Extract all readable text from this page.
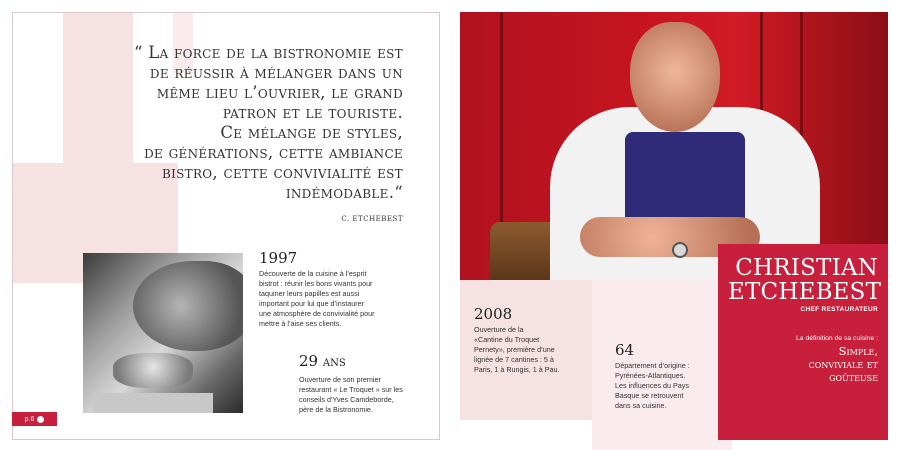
“ La force de la bistronomie est
de réussir à mélanger dans un
même lieu l’ouvrier, le grand
patron et le touriste.
Ce mélange de styles,
de générations, cette ambiance
bistro, cette convivialité est
indémodable.“
C. ETCHEBEST
1997
Découverte de la cuisine à l’esprit
bistrot : réunir les bons vivants pour
taquiner leurs papilles est aussi
important pour lui que d’instaurer
une atmosphère de convivialité pour
mettre à l’aise ses clients.
29 ANS
Ouverture de son premier
restaurant « Le Troquet » sur les
conseils d’Yves Camdeborde,
père de la Bistronomie.
p.6
2008
Ouverture de la
«Cantine du Troquet
Pernety», première d’une
lignée de 7 cantines : 5 à
Paris, 1 à Rungis, 1 à Pau.
64
Département d’origine :
Pyrénées-Atlantiques.
Les influences du Pays
Basque se retrouvent
dans sa cuisine.
CHRISTIAN
ETCHEBEST
CHEF RESTAURATEUR
La définition de sa cuisine :
Simple,
conviviale et
goûteuse
